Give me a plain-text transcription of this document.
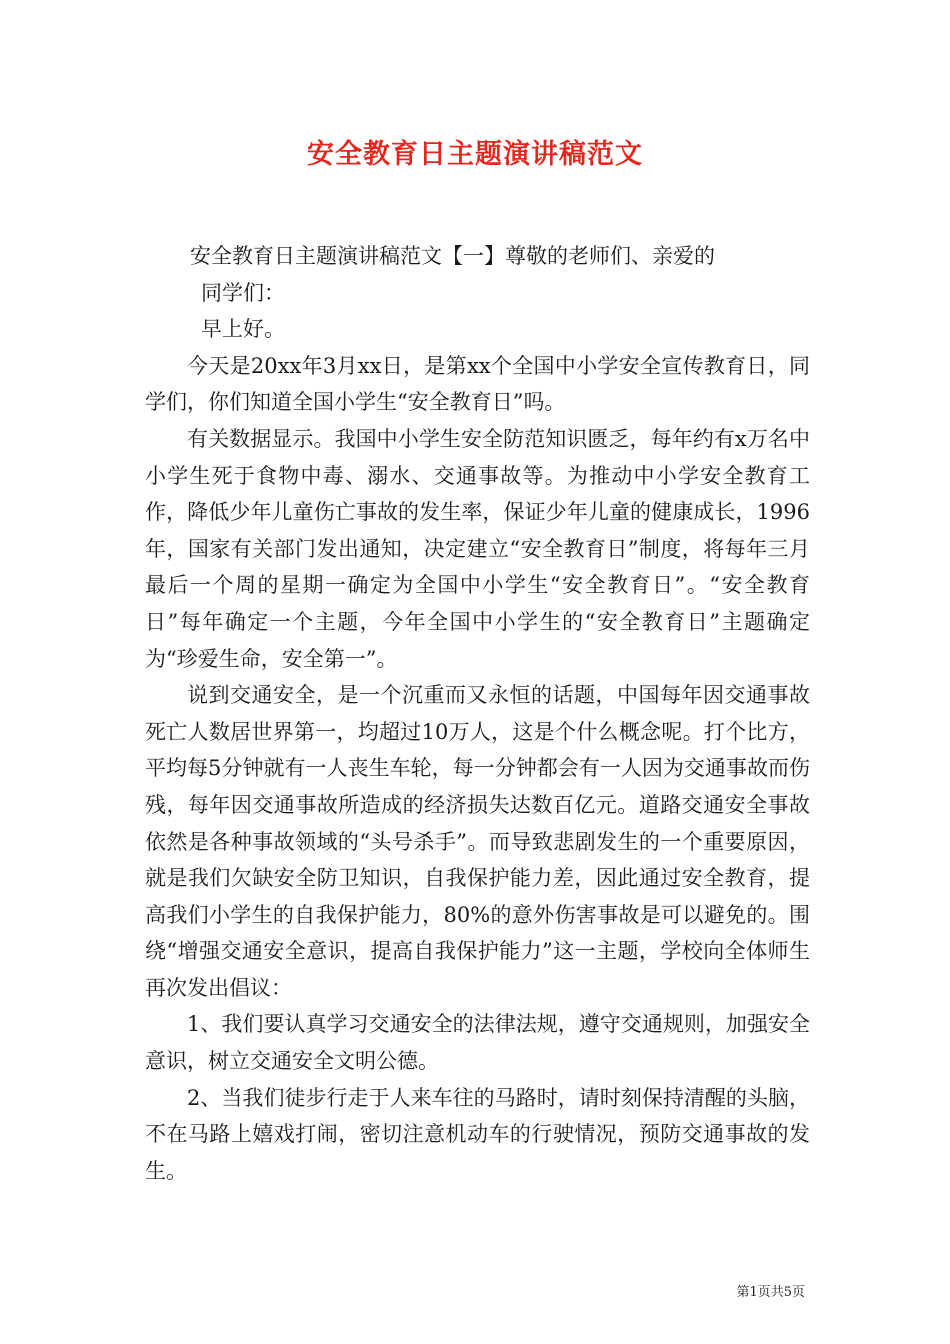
安全教育日主题演讲稿范文

安全教育日主题演讲稿范文【一】尊敬的老师们、亲爱的

同学们：

早上好。

今天是20xx年3月xx日，是第xx个全国中小学安全宣传教育日，同学们，你们知道全国小学生“安全教育日”吗。

有关数据显示。我国中小学生安全防范知识匮乏，每年约有x万名中小学生死于食物中毒、溺水、交通事故等。为推动中小学安全教育工作，降低少年儿童伤亡事故的发生率，保证少年儿童的健康成长，1996年，国家有关部门发出通知，决定建立“安全教育日”制度，将每年三月最后一个周的星期一确定为全国中小学生“安全教育日”。“安全教育日”每年确定一个主题，今年全国中小学生的“安全教育日”主题确定为“珍爱生命，安全第一”。

说到交通安全，是一个沉重而又永恒的话题，中国每年因交通事故死亡人数居世界第一，均超过10万人，这是个什么概念呢。打个比方，平均每5分钟就有一人丧生车轮，每一分钟都会有一人因为交通事故而伤残，每年因交通事故所造成的经济损失达数百亿元。道路交通安全事故依然是各种事故领域的“头号杀手”。而导致悲剧发生的一个重要原因，就是我们欠缺安全防卫知识，自我保护能力差，因此通过安全教育，提高我们小学生的自我保护能力，80%的意外伤害事故是可以避免的。围绕“增强交通安全意识，提高自我保护能力”这一主题，学校向全体师生再次发出倡议：

1、我们要认真学习交通安全的法律法规，遵守交通规则，加强安全意识，树立交通安全文明公德。

2、当我们徒步行走于人来车往的马路时，请时刻保持清醒的头脑，不在马路上嬉戏打闹，密切注意机动车的行驶情况，预防交通事故的发生。

第1页共5页
